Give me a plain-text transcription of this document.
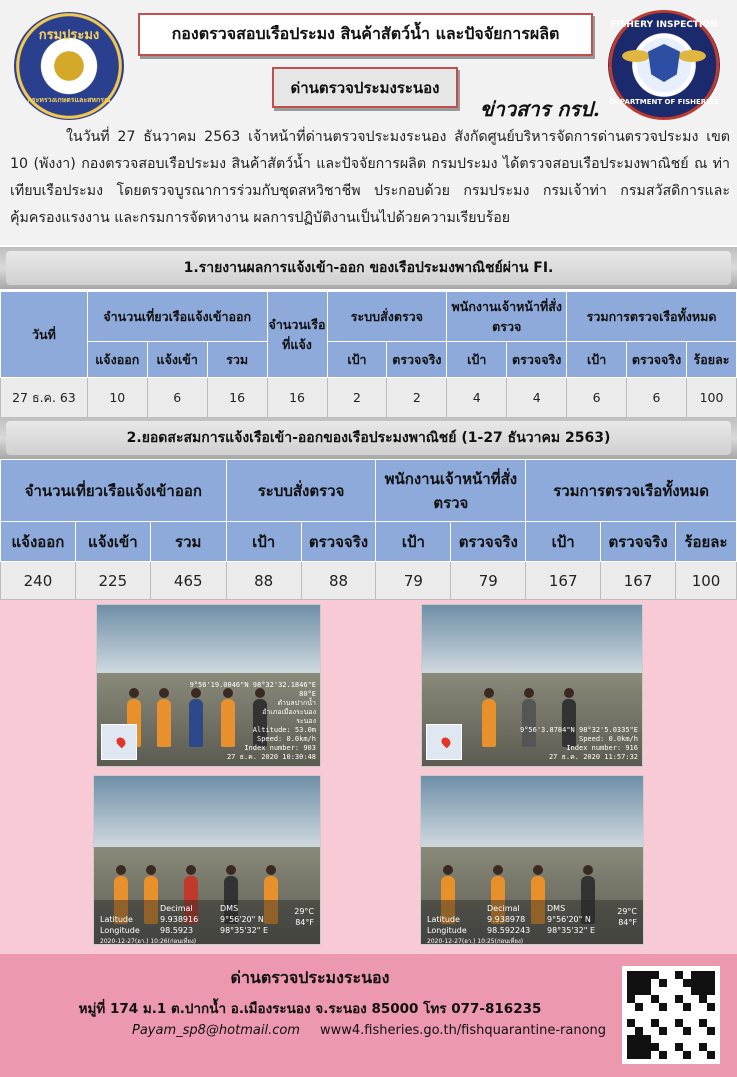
กรมประมง
กระทรวงเกษตรและสหกรณ์
กองตรวจสอบเรือประมง สินค้าสัตว์น้ำ และปัจจัยการผลิต
ด่านตรวจประมงระนอง
ข่าวสาร กรป.
FISHERY INSPECTION
DEPARTMENT OF FISHERIES

ในวันที่ 27 ธันวาคม 2563 เจ้าหน้าที่ด่านตรวจประมงระนอง สังกัดศูนย์บริหารจัดการด่านตรวจประมง เขต 10 (พังงา) กองตรวจสอบเรือประมง สินค้าสัตว์น้ำ และปัจจัยการผลิต กรมประมง ได้ตรวจสอบเรือประมงพาณิชย์ ณ ท่าเทียบเรือประมง โดยตรวจบูรณาการร่วมกับชุดสหวิชาชีพ ประกอบด้วย กรมประมง กรมเจ้าท่า กรมสวัสดิการและคุ้มครองแรงงาน และกรมการจัดหางาน ผลการปฏิบัติงานเป็นไปด้วยความเรียบร้อย

1.รายงานผลการแจ้งเข้า-ออก ของเรือประมงพาณิชย์ผ่าน FI.
วันที่	จำนวนเที่ยวเรือแจ้งเข้าออก			จำนวนเรือที่แจ้ง	ระบบสั่งตรวจ		พนักงานเจ้าหน้าที่สั่งตรวจ		รวมการตรวจเรือทั้งหมด		
	แจ้งออก	แจ้งเข้า	รวม		เป้า	ตรวจจริง	เป้า	ตรวจจริง	เป้า	ตรวจจริง	ร้อยละ
27 ธ.ค. 63	10	6	16	16	2	2	4	4	6	6	100
2.ยอดสะสมการแจ้งเรือเข้า-ออกของเรือประมงพาณิชย์ (1-27 ธันวาคม 2563)
จำนวนเที่ยวเรือแจ้งเข้าออก			ระบบสั่งตรวจ		พนักงานเจ้าหน้าที่สั่งตรวจ		รวมการตรวจเรือทั้งหมด		
แจ้งออก	แจ้งเข้า	รวม	เป้า	ตรวจจริง	เป้า	ตรวจจริง	เป้า	ตรวจจริง	ร้อยละ
240	225	465	88	88	79	79	167	167	100
9°56'19.0046"N 98°32'32.1846"E
80°E
ตำบลปากน้ำ
อำเภอเมืองระนอง
ระนอง
Altitude: 53.0m
Speed: 0.0km/h
Index number: 903
27 ธ.ค. 2020 10:30:48
9°56'3.8784"N 98°32'5.0335"E
Speed: 0.0km/h
Index number: 916
27 ธ.ค. 2020 11:57:32
Decimal	DMS
Latitude	9.938916	9°56'20" N
Longitude	98.5923	98°35'32" E
2020-12-27(อา.) 10:26(ก่อนเที่ยง)
29°C
84°F
Decimal	DMS
Latitude	9.938978	9°56'20" N
Longitude	98.592243	98°35'32" E
2020-12-27(อา.) 10:25(ก่อนเที่ยง)
29°C
84°F
ด่านตรวจประมงระนอง
หมู่ที่ 174 ม.1 ต.ปากน้ำ อ.เมืองระนอง จ.ระนอง 85000 โทร 077-816235
Payam_sp8@hotmail.com www4.fisheries.go.th/fishquarantine-ranong
